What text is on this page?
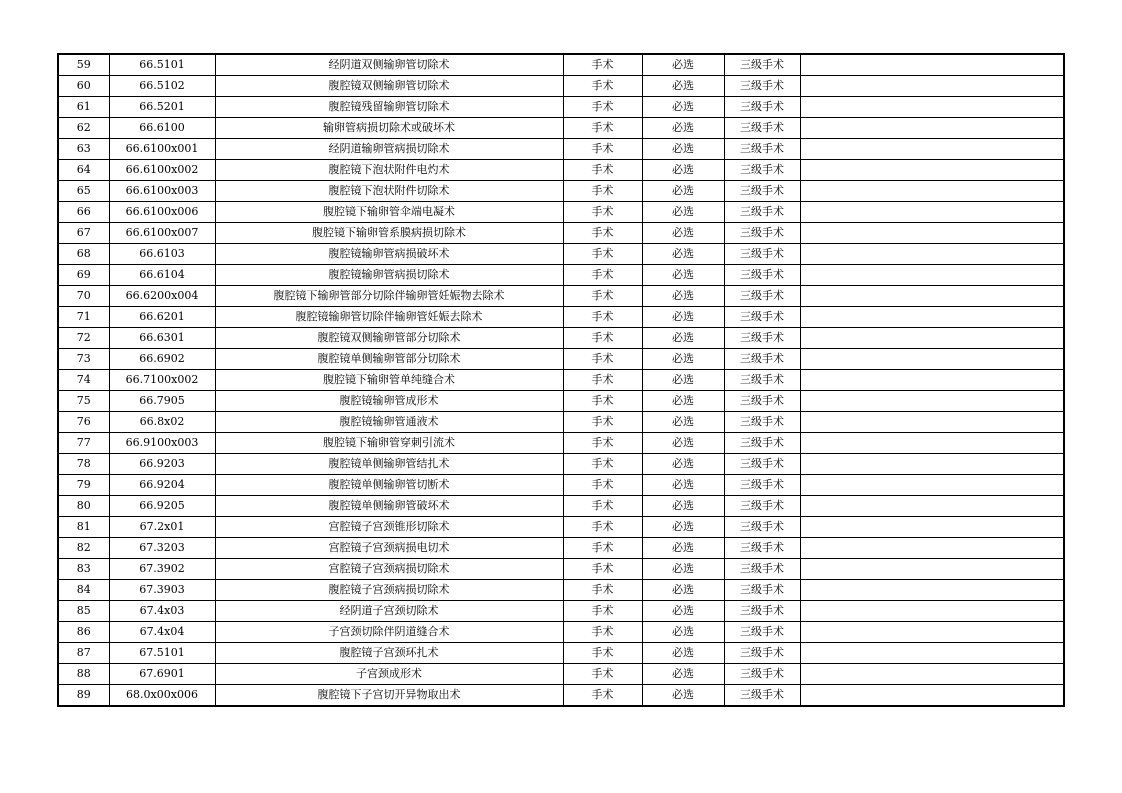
59	66.5101	经阴道双侧输卵管切除术	手术	必选	三级手术	
60	66.5102	腹腔镜双侧输卵管切除术	手术	必选	三级手术	
61	66.5201	腹腔镜残留输卵管切除术	手术	必选	三级手术	
62	66.6100	输卵管病损切除术或破坏术	手术	必选	三级手术	
63	66.6100x001	经阴道输卵管病损切除术	手术	必选	三级手术	
64	66.6100x002	腹腔镜下泡状附件电灼术	手术	必选	三级手术	
65	66.6100x003	腹腔镜下泡状附件切除术	手术	必选	三级手术	
66	66.6100x006	腹腔镜下输卵管伞端电凝术	手术	必选	三级手术	
67	66.6100x007	腹腔镜下输卵管系膜病损切除术	手术	必选	三级手术	
68	66.6103	腹腔镜输卵管病损破坏术	手术	必选	三级手术	
69	66.6104	腹腔镜输卵管病损切除术	手术	必选	三级手术	
70	66.6200x004	腹腔镜下输卵管部分切除伴输卵管妊娠物去除术	手术	必选	三级手术	
71	66.6201	腹腔镜输卵管切除伴输卵管妊娠去除术	手术	必选	三级手术	
72	66.6301	腹腔镜双侧输卵管部分切除术	手术	必选	三级手术	
73	66.6902	腹腔镜单侧输卵管部分切除术	手术	必选	三级手术	
74	66.7100x002	腹腔镜下输卵管单纯缝合术	手术	必选	三级手术	
75	66.7905	腹腔镜输卵管成形术	手术	必选	三级手术	
76	66.8x02	腹腔镜输卵管通液术	手术	必选	三级手术	
77	66.9100x003	腹腔镜下输卵管穿刺引流术	手术	必选	三级手术	
78	66.9203	腹腔镜单侧输卵管结扎术	手术	必选	三级手术	
79	66.9204	腹腔镜单侧输卵管切断术	手术	必选	三级手术	
80	66.9205	腹腔镜单侧输卵管破坏术	手术	必选	三级手术	
81	67.2x01	宫腔镜子宫颈锥形切除术	手术	必选	三级手术	
82	67.3203	宫腔镜子宫颈病损电切术	手术	必选	三级手术	
83	67.3902	宫腔镜子宫颈病损切除术	手术	必选	三级手术	
84	67.3903	腹腔镜子宫颈病损切除术	手术	必选	三级手术	
85	67.4x03	经阴道子宫颈切除术	手术	必选	三级手术	
86	67.4x04	子宫颈切除伴阴道缝合术	手术	必选	三级手术	
87	67.5101	腹腔镜子宫颈环扎术	手术	必选	三级手术	
88	67.6901	子宫颈成形术	手术	必选	三级手术	
89	68.0x00x006	腹腔镜下子宫切开异物取出术	手术	必选	三级手术	
